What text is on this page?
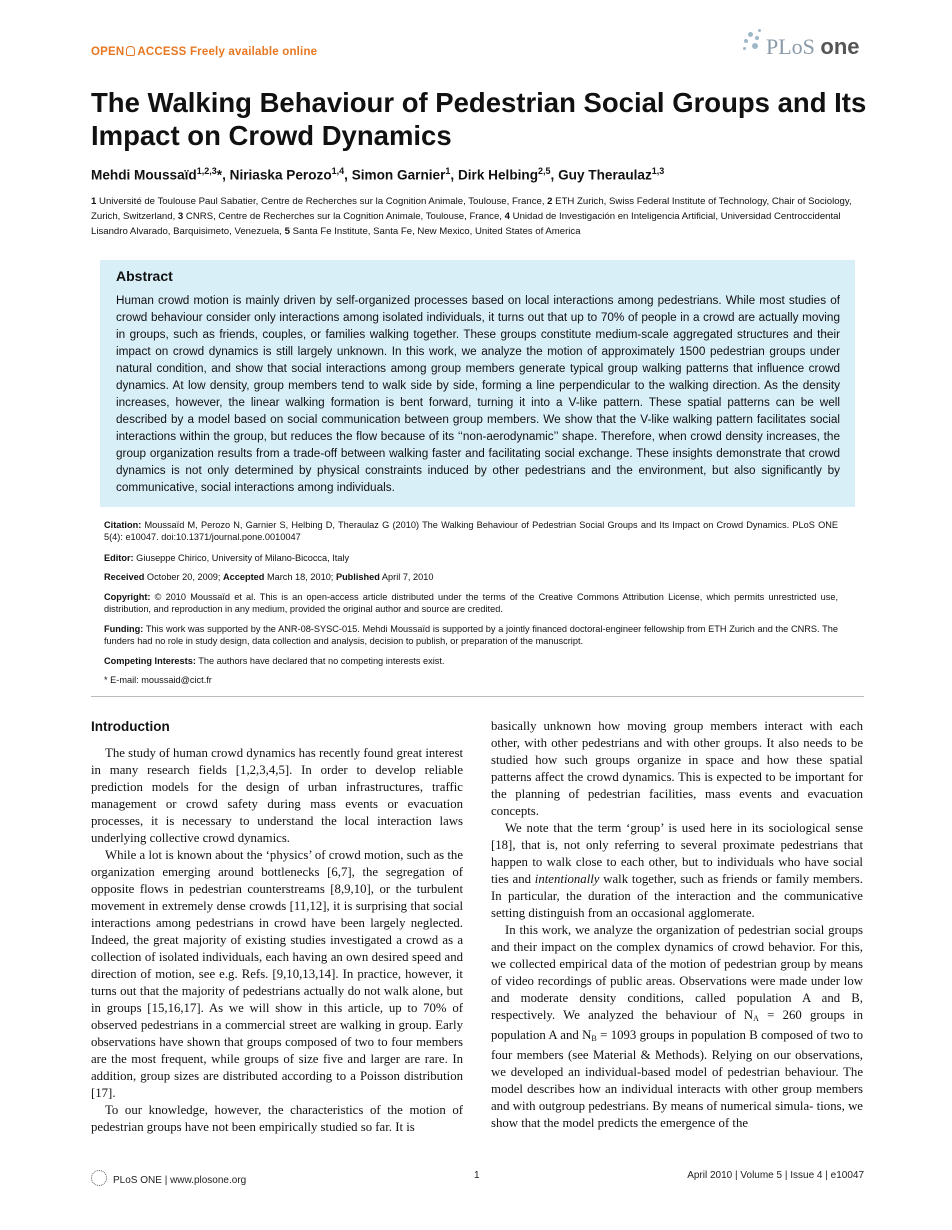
OPEN ACCESS Freely available online	PLoS one
The Walking Behaviour of Pedestrian Social Groups and Its Impact on Crowd Dynamics
Mehdi Moussaïd$^{1,2,3}$*, Niriaska Perozo$^{1,4}$, Simon Garnier$^1$, Dirk Helbing$^{2,5}$, Guy Theraulaz$^{1,3}$
1 Université de Toulouse Paul Sabatier, Centre de Recherches sur la Cognition Animale, Toulouse, France, 2 ETH Zurich, Swiss Federal Institute of Technology, Chair of Sociology, Zurich, Switzerland, 3 CNRS, Centre de Recherches sur la Cognition Animale, Toulouse, France, 4 Unidad de Investigación en Inteligencia Artificial, Universidad Centroccidental Lisandro Alvarado, Barquisimeto, Venezuela, 5 Santa Fe Institute, Santa Fe, New Mexico, United States of America
Abstract
Human crowd motion is mainly driven by self-organized processes based on local interactions among pedestrians. While most studies of crowd behaviour consider only interactions among isolated individuals, it turns out that up to 70% of people in a crowd are actually moving in groups, such as friends, couples, or families walking together. These groups constitute medium-scale aggregated structures and their impact on crowd dynamics is still largely unknown. In this work, we analyze the motion of approximately 1500 pedestrian groups under natural condition, and show that social interactions among group members generate typical group walking patterns that influence crowd dynamics. At low density, group members tend to walk side by side, forming a line perpendicular to the walking direction. As the density increases, however, the linear walking formation is bent forward, turning it into a V-like pattern. These spatial patterns can be well described by a model based on social communication between group members. We show that the V-like walking pattern facilitates social interactions within the group, but reduces the flow because of its ‘‘non-aerodynamic’’ shape. Therefore, when crowd density increases, the group organization results from a trade-off between walking faster and facilitating social exchange. These insights demonstrate that crowd dynamics is not only determined by physical constraints induced by other pedestrians and the environment, but also significantly by communicative, social interactions among individuals.
Citation: Moussaïd M, Perozo N, Garnier S, Helbing D, Theraulaz G (2010) The Walking Behaviour of Pedestrian Social Groups and Its Impact on Crowd Dynamics. PLoS ONE 5(4): e10047. doi:10.1371/journal.pone.0010047
Editor: Giuseppe Chirico, University of Milano-Bicocca, Italy
Received October 20, 2009; Accepted March 18, 2010; Published April 7, 2010
Copyright: © 2010 Moussaïd et al. This is an open-access article distributed under the terms of the Creative Commons Attribution License, which permits unrestricted use, distribution, and reproduction in any medium, provided the original author and source are credited.
Funding: This work was supported by the ANR-08-SYSC-015. Mehdi Moussaïd is supported by a jointly financed doctoral-engineer fellowship from ETH Zurich and the CNRS. The funders had no role in study design, data collection and analysis, decision to publish, or preparation of the manuscript.
Competing Interests: The authors have declared that no competing interests exist.
* E-mail: moussaid@cict.fr
Introduction

The study of human crowd dynamics has recently found great interest in many research fields [1,2,3,4,5]. In order to develop reliable prediction models for the design of urban infrastructures, traffic management or crowd safety during mass events or evacuation processes, it is necessary to understand the local interaction laws underlying collective crowd dynamics.

While a lot is known about the ‘physics’ of crowd motion, such as the organization emerging around bottlenecks [6,7], the segregation of opposite flows in pedestrian counterstreams [8,9,10], or the turbulent movement in extremely dense crowds [11,12], it is surprising that social interactions among pedestrians in crowd have been largely neglected. Indeed, the great majority of existing studies investigated a crowd as a collection of isolated individuals, each having an own desired speed and direction of motion, see e.g. Refs. [9,10,13,14]. In practice, however, it turns out that the majority of pedestrians actually do not walk alone, but in groups [15,16,17]. As we will show in this article, up to 70% of observed pedestrians in a commercial street are walking in group. Early observations have shown that groups composed of two to four members are the most frequent, while groups of size five and larger are rare. In addition, group sizes are distributed according to a Poisson distribution [17].

To our knowledge, however, the characteristics of the motion of pedestrian groups have not been empirically studied so far. It is

basically unknown how moving group members interact with each other, with other pedestrians and with other groups. It also needs to be studied how such groups organize in space and how these spatial patterns affect the crowd dynamics. This is expected to be important for the planning of pedestrian facilities, mass events and evacuation concepts.

We note that the term ‘group’ is used here in its sociological sense [18], that is, not only referring to several proximate pedestrians that happen to walk close to each other, but to individuals who have social ties and intentionally walk together, such as friends or family members. In particular, the duration of the interaction and the communicative setting distinguish from an occasional agglomerate.

In this work, we analyze the organization of pedestrian social groups and their impact on the complex dynamics of crowd behavior. For this, we collected empirical data of the motion of pedestrian group by means of video recordings of public areas. Observations were made under low and moderate density conditions, called population A and B, respectively. We analyzed the behaviour of $N_A = 260$ groups in population A and $N_B = 1093$ groups in population B composed of two to four members (see Material & Methods). Relying on our observations, we developed an individual-based model of pedestrian behaviour. The model describes how an individual interacts with other group members and with outgroup pedestrians. By means of numerical simula- tions, we show that the model predicts the emergence of the

PLoS ONE | www.plosone.org	1	April 2010 | Volume 5 | Issue 4 | e10047
